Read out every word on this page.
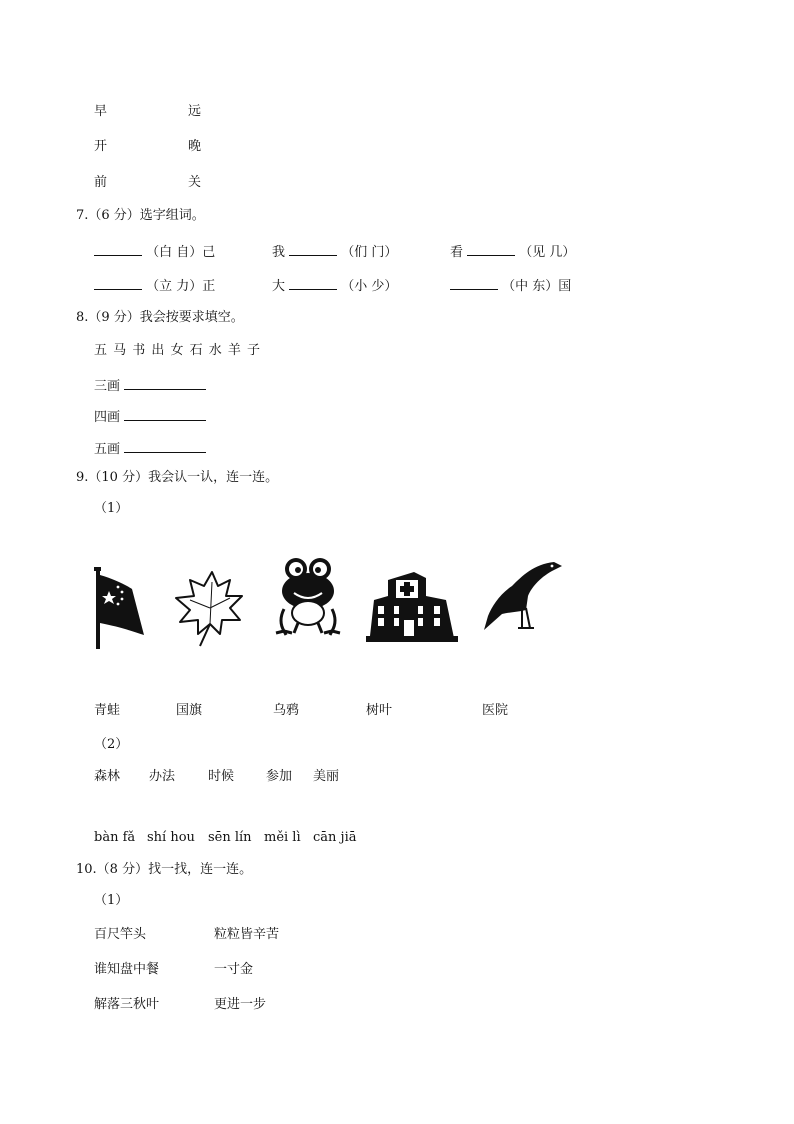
早	远
开	晚
前	关
7.（6 分）选字组词。
（白 自）己	我	（们 门）	看	（见 几）
（立 力）正	大	（小 少）	（中 东）国
8.（9 分）我会按要求填空。
五 马 书 出 女 石 水 羊 子
三画
四画
五画
9.（10 分）我会认一认，连一连。
（1）
青蛙	国旗	乌鸦	树叶	医院
（2）
森林 办法	时候 参加 美丽
bàn fǎ shí hou sēn lín měi lì cān jiā
10.（8 分）找一找，连一连。
（1）
百尺竿头	粒粒皆辛苦
谁知盘中餐	一寸金
解落三秋叶	更进一步
